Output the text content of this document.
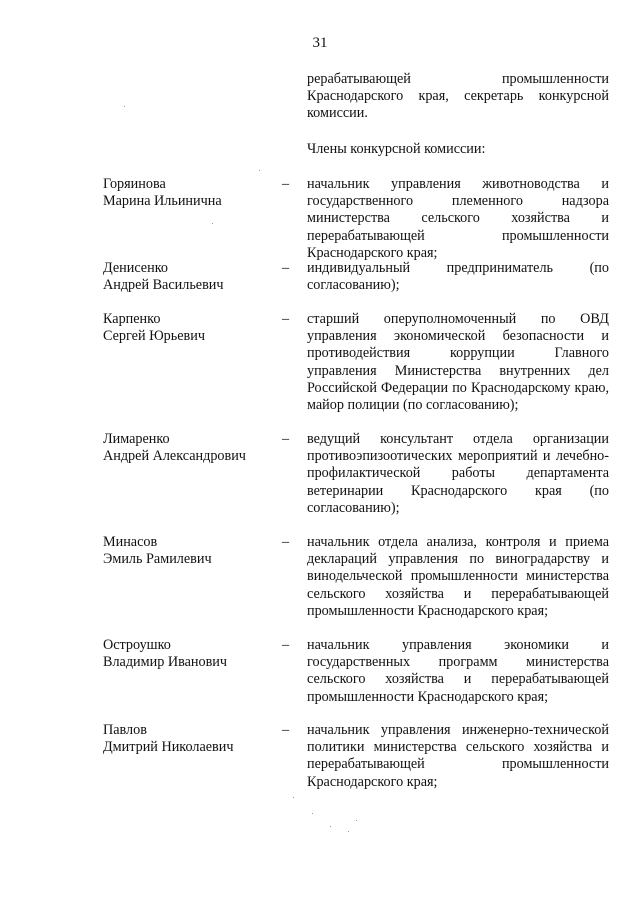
31
рерабатывающей промышленности Краснодарского края, секретарь конкурсной комиссии.
Члены конкурсной комиссии:
Горяинова
Марина Ильинична
– начальник управления животноводства и государственного племенного надзора министерства сельского хозяйства и перерабатывающей промышленности Краснодарского края;
Денисенко
Андрей Васильевич
– индивидуальный предприниматель (по согласованию);
Карпенко
Сергей Юрьевич
– старший оперуполномоченный по ОВД управления экономической безопасности и противодействия коррупции Главного управления Министерства внутренних дел Российской Федерации по Краснодарскому краю, майор полиции (по согласованию);
Лимаренко
Андрей Александрович
– ведущий консультант отдела организации противоэпизоотических мероприятий и лечебно-профилактической работы департамента ветеринарии Краснодарского края (по согласованию);
Минасов
Эмиль Рамилевич
– начальник отдела анализа, контроля и приема деклараций управления по виноградарству и винодельческой промышленности министерства сельского хозяйства и перерабатывающей промышленности Краснодарского края;
Остроушко
Владимир Иванович
– начальник управления экономики и государственных программ министерства сельского хозяйства и перерабатывающей промышленности Краснодарского края;
Павлов
Дмитрий Николаевич
– начальник управления инженерно-технической политики министерства сельского хозяйства и перерабатывающей промышленности Краснодарского края;
